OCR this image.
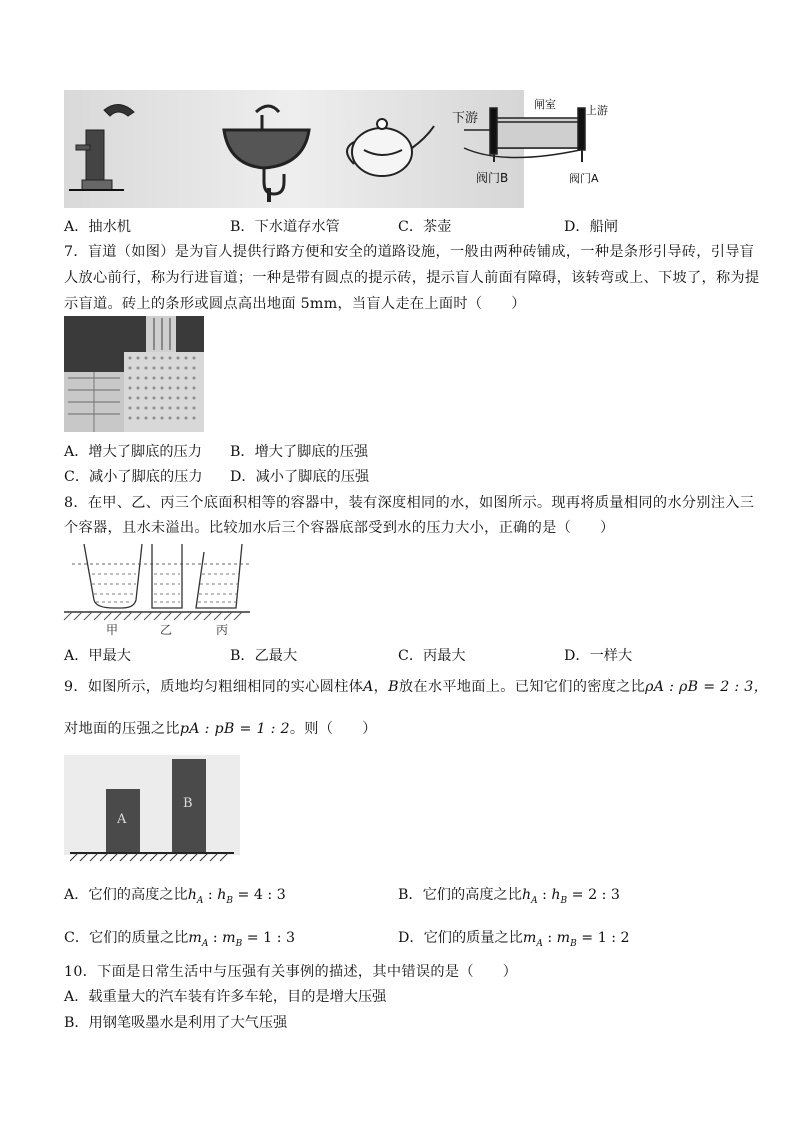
下游
闸室	上游
阀门B	阀门A
A．抽水机	B．下水道存水管	C．茶壶	D．船闸
7．盲道（如图）是为盲人提供行路方便和安全的道路设施，一般由两种砖铺成，一种是条形引导砖，引导盲
人放心前行，称为行进盲道；一种是带有圆点的提示砖，提示盲人前面有障碍，该转弯或上、下坡了，称为提
示盲道。砖上的条形或圆点高出地面 5mm，当盲人走在上面时（　　）
A．增大了脚底的压力 B．增大了脚底的压强
C．减小了脚底的压力 D．减小了脚底的压强
8．在甲、乙、丙三个底面积相等的容器中，装有深度相同的水，如图所示。现再将质量相同的水分别注入三
个容器，且水未溢出。比较加水后三个容器底部受到水的压力大小，正确的是（　　）
甲	乙	丙
A．甲最大	B．乙最大	C．丙最大	D．一样大
9．如图所示，质地均匀粗细相同的实心圆柱体A，B放在水平地面上。已知它们的密度之比ρA : ρB = 2 : 3，
对地面的压强之比pA : pB = 1 : 2。则（　　）
A
B
A．它们的高度之比$h_A$ : $h_B = 4$ : 3	B．它们的高度之比$h_A$ : $h_B = 2$ : 3
C．它们的质量之比$m_A$ : $m_B = 1$ : 3	D．它们的质量之比$m_A$ : $m_B = 1$ : 2
10．下面是日常生活中与压强有关事例的描述，其中错误的是（　　）
A．载重量大的汽车装有许多车轮，目的是增大压强
B．用钢笔吸墨水是利用了大气压强
